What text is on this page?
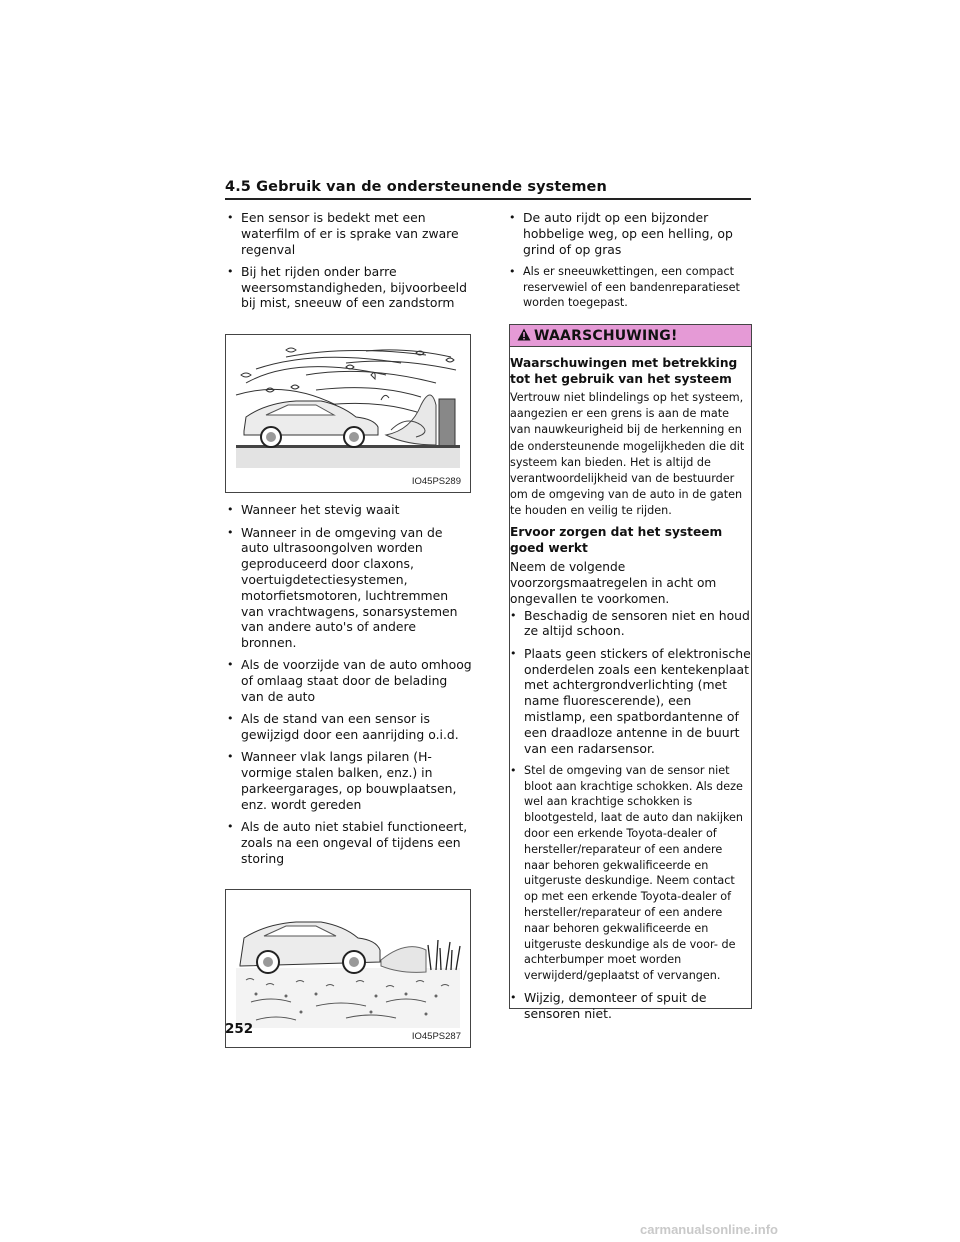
4.5 Gebruik van de ondersteunende systemen
• Een sensor is bedekt met een waterfilm of er is sprake van zware regenval
• Bij het rijden onder barre weersomstandigheden, bijvoorbeeld bij mist, sneeuw of een zandstorm
IO45PS289
• Wanneer het stevig waait
• Wanneer in de omgeving van de auto ultrasoongolven worden geproduceerd door claxons, voertuigdetectiesystemen, motorfietsmotoren, luchtremmen van vrachtwagens, sonarsystemen van andere auto's of andere bronnen.
• Als de voorzijde van de auto omhoog of omlaag staat door de belading van de auto
• Als de stand van een sensor is gewijzigd door een aanrijding o.i.d.
• Wanneer vlak langs pilaren (H-vormige stalen balken, enz.) in parkeergarages, op bouwplaatsen, enz. wordt gereden
• Als de auto niet stabiel functioneert, zoals na een ongeval of tijdens een storing
IO45PS287
• De auto rijdt op een bijzonder hobbelige weg, op een helling, op grind of op gras
• Als er sneeuwkettingen, een compact reservewiel of een bandenreparatieset worden toegepast.
WAARSCHUWING!

Waarschuwingen met betrekking tot het gebruik van het systeem

Vertrouw niet blindelings op het systeem, aangezien er een grens is aan de mate van nauwkeurigheid bij de herkenning en de ondersteunende mogelijkheden die dit systeem kan bieden. Het is altijd de verantwoordelijkheid van de bestuurder om de omgeving van de auto in de gaten te houden en veilig te rijden.

Ervoor zorgen dat het systeem goed werkt

Neem de volgende voorzorgsmaatregelen in acht om ongevallen te voorkomen.

• Beschadig de sensoren niet en houd ze altijd schoon.
• Plaats geen stickers of elektronische onderdelen zoals een kentekenplaat met achtergrondverlichting (met name fluorescerende), een mistlamp, een spatbordantenne of een draadloze antenne in de buurt van een radarsensor.
• Stel de omgeving van de sensor niet bloot aan krachtige schokken. Als deze wel aan krachtige schokken is blootgesteld, laat de auto dan nakijken door een erkende Toyota-dealer of hersteller/reparateur of een andere naar behoren gekwalificeerde en uitgeruste deskundige. Neem contact op met een erkende Toyota-dealer of hersteller/reparateur of een andere naar behoren gekwalificeerde en uitgeruste deskundige als de voor- de achterbumper moet worden verwijderd/geplaatst of vervangen.
• Wijzig, demonteer of spuit de sensoren niet.
252
carmanualsonline.info
